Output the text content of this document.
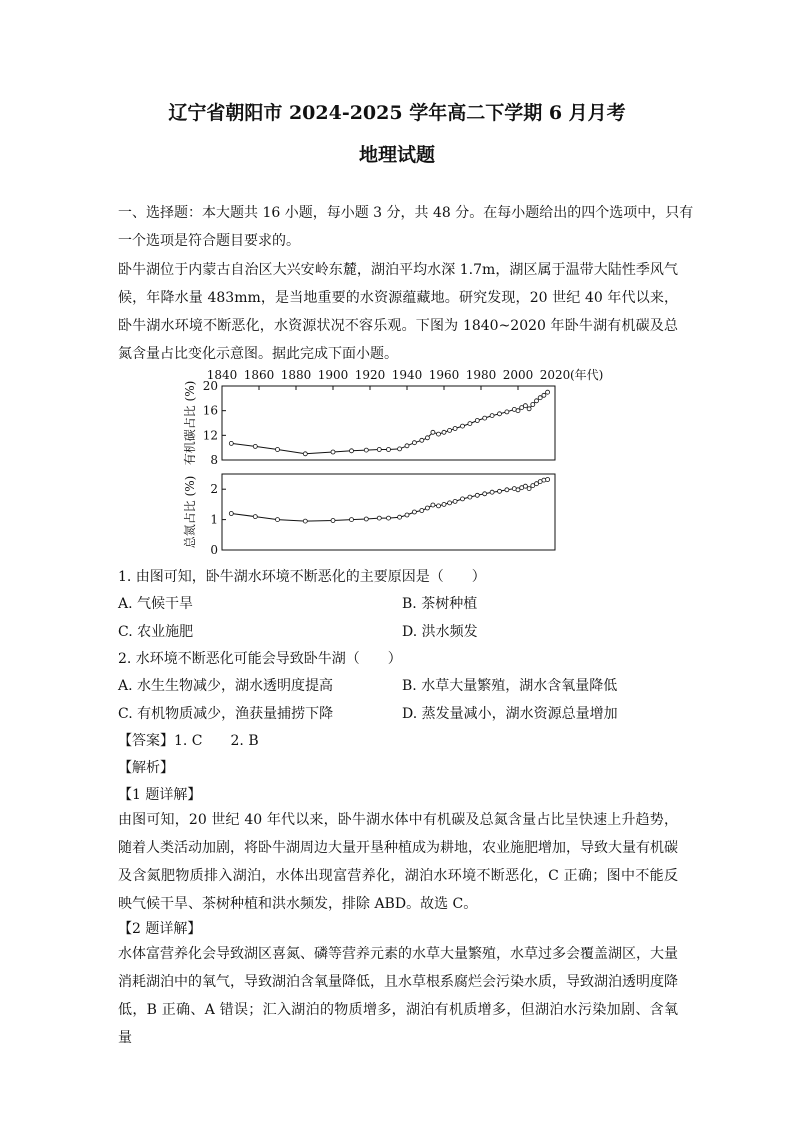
辽宁省朝阳市 2024-2025 学年高二下学期 6 月月考
地理试题
一、选择题：本大题共 16 小题，每小题 3 分，共 48 分。在每小题给出的四个选项中，只有
一个选项是符合题目要求的。

卧牛湖位于内蒙古自治区大兴安岭东麓，湖泊平均水深 1.7m，湖区属于温带大陆性季风气候，年降水量 483mm，是当地重要的水资源蕴藏地。研究发现，20 世纪 40 年代以来，卧牛湖水环境不断恶化，水资源状况不容乐观。下图为 1840~2020 年卧牛湖有机碳及总氮含量占比变化示意图。据此完成下面小题。

1840 1860 1880 1900 1920 1940 1960 1980 2000 2020 (年代)
8
12
16
20
有机碳占比 (%)
0
1
2
总氮占比 (%)
1. 由图可知，卧牛湖水环境不断恶化的主要原因是（　　）
A. 气候干旱	B. 茶树种植
C. 农业施肥	D. 洪水频发
2. 水环境不断恶化可能会导致卧牛湖（　　）
A. 水生生物减少，湖水透明度提高	B. 水草大量繁殖，湖水含氧量降低
C. 有机物质减少，渔获量捕捞下降	D. 蒸发量减小，湖水资源总量增加
【答案】1. C　　2. B
【解析】
【1 题详解】

由图可知，20 世纪 40 年代以来，卧牛湖水体中有机碳及总氮含量占比呈快速上升趋势，随着人类活动加剧，将卧牛湖周边大量开垦种植成为耕地，农业施肥增加，导致大量有机碳及含氮肥物质排入湖泊，水体出现富营养化，湖泊水环境不断恶化，C 正确；图中不能反映气候干旱、茶树种植和洪水频发，排除 ABD。故选 C。

【2 题详解】

水体富营养化会导致湖区喜氮、磷等营养元素的水草大量繁殖，水草过多会覆盖湖区，大量消耗湖泊中的氧气，导致湖泊含氧量降低，且水草根系腐烂会污染水质，导致湖泊透明度降低，B 正确、A 错误；汇入湖泊的物质增多，湖泊有机质增多，但湖泊水污染加剧、含氧量
